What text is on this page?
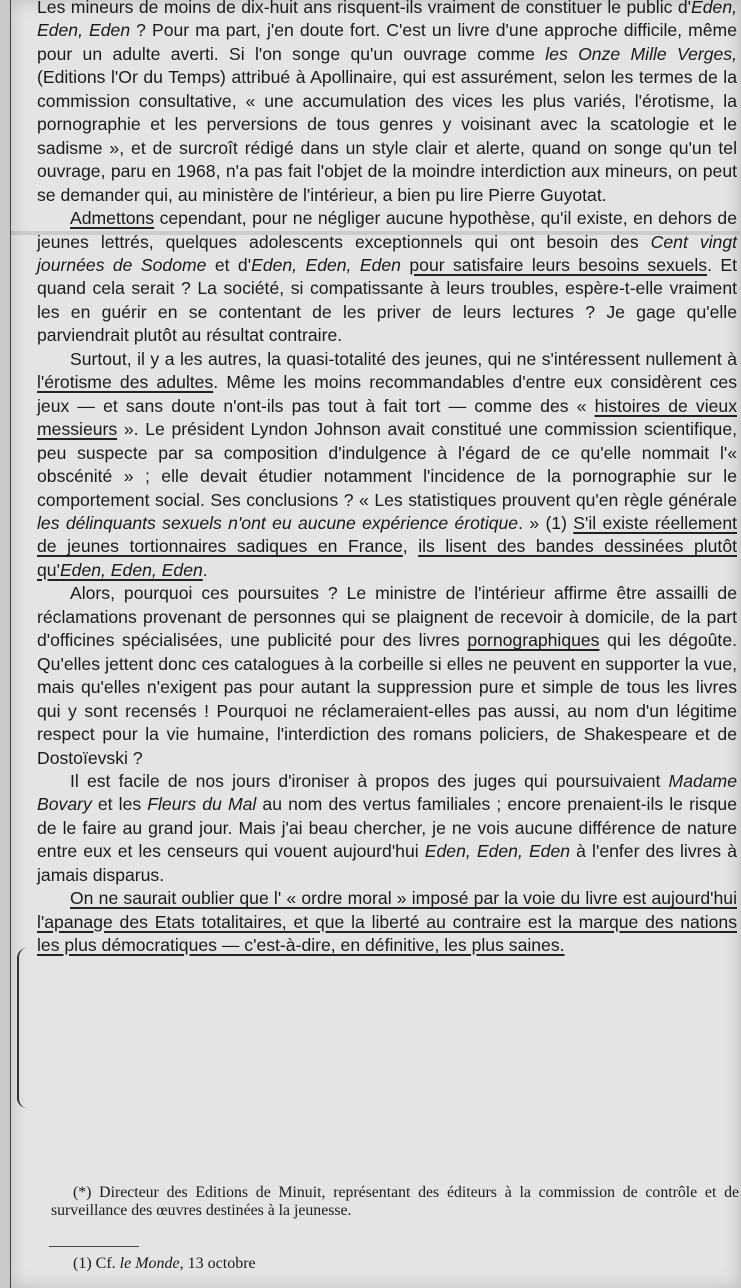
Les mineurs de moins de dix-huit ans risquent-ils vraiment de constituer le public d'Eden, Eden, Eden ? Pour ma part, j'en doute fort. C'est un livre d'une approche difficile, même pour un adulte averti. Si l'on songe qu'un ouvrage comme les Onze Mille Verges, (Editions l'Or du Temps) attribué à Apollinaire, qui est assurément, selon les termes de la commission consultative, « une accumulation des vices les plus variés, l'érotisme, la pornographie et les perversions de tous genres y voisinant avec la scatologie et le sadisme », et de surcroît rédigé dans un style clair et alerte, quand on songe qu'un tel ouvrage, paru en 1968, n'a pas fait l'objet de la moindre interdiction aux mineurs, on peut se demander qui, au ministère de l'intérieur, a bien pu lire Pierre Guyotat.

Admettons cependant, pour ne négliger aucune hypothèse, qu'il existe, en dehors de jeunes lettrés, quelques adolescents exceptionnels qui ont besoin des Cent vingt journées de Sodome et d'Eden, Eden, Eden pour satisfaire leurs besoins sexuels. Et quand cela serait ? La société, si compatissante à leurs troubles, espère-t-elle vraiment les en guérir en se contentant de les priver de leurs lectures ? Je gage qu'elle parviendrait plutôt au résultat contraire.

Surtout, il y a les autres, la quasi-totalité des jeunes, qui ne s'intéressent nullement à l'érotisme des adultes. Même les moins recommandables d'entre eux considèrent ces jeux — et sans doute n'ont-ils pas tout à fait tort — comme des « histoires de vieux messieurs ». Le président Lyndon Johnson avait constitué une commission scientifique, peu suspecte par sa composition d'indulgence à l'égard de ce qu'elle nommait l'« obscénité » ; elle devait étudier notamment l'incidence de la pornographie sur le comportement social. Ses conclusions ? « Les statistiques prouvent qu'en règle générale les délinquants sexuels n'ont eu aucune expérience érotique. » (1) S'il existe réellement de jeunes tortionnaires sadiques en France, ils lisent des bandes dessinées plutôt qu'Eden, Eden, Eden.

Alors, pourquoi ces poursuites ? Le ministre de l'intérieur affirme être assailli de réclamations provenant de personnes qui se plaignent de recevoir à domicile, de la part d'officines spécialisées, une publicité pour des livres pornographiques qui les dégoûte. Qu'elles jettent donc ces catalogues à la corbeille si elles ne peuvent en supporter la vue, mais qu'elles n'exigent pas pour autant la suppression pure et simple de tous les livres qui y sont recensés ! Pourquoi ne réclameraient-elles pas aussi, au nom d'un légitime respect pour la vie humaine, l'interdiction des romans policiers, de Shakespeare et de Dostoïevski ?

Il est facile de nos jours d'ironiser à propos des juges qui poursuivaient Madame Bovary et les Fleurs du Mal au nom des vertus familiales ; encore prenaient-ils le risque de le faire au grand jour. Mais j'ai beau chercher, je ne vois aucune différence de nature entre eux et les censeurs qui vouent aujourd'hui Eden, Eden, Eden à l'enfer des livres à jamais disparus.

On ne saurait oublier que l' « ordre moral » imposé par la voie du livre est aujourd'hui l'apanage des Etats totalitaires, et que la liberté au contraire est la marque des nations les plus démocratiques — c'est-à-dire, en définitive, les plus saines.

(*) Directeur des Editions de Minuit, représentant des éditeurs à la commission de contrôle et de surveillance des œuvres destinées à la jeunesse.

(1) Cf. le Monde, 13 octobre
